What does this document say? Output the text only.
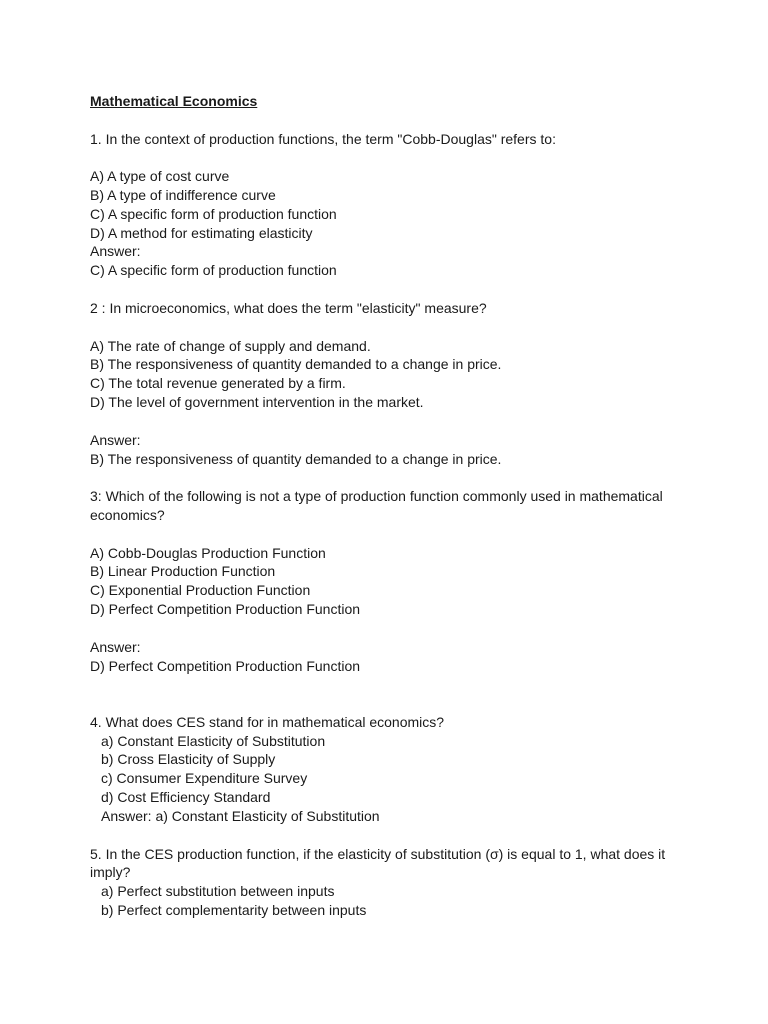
Mathematical Economics
1. In the context of production functions, the term "Cobb-Douglas" refers to:
A) A type of cost curve
B) A type of indifference curve
C) A specific form of production function
D) A method for estimating elasticity
Answer:
C) A specific form of production function
2 : In microeconomics, what does the term "elasticity" measure?
A) The rate of change of supply and demand.
B) The responsiveness of quantity demanded to a change in price.
C) The total revenue generated by a firm.
D) The level of government intervention in the market.
Answer:
B) The responsiveness of quantity demanded to a change in price.
3: Which of the following is not a type of production function commonly used in mathematical
economics?
A) Cobb-Douglas Production Function
B) Linear Production Function
C) Exponential Production Function
D) Perfect Competition Production Function
Answer:
D) Perfect Competition Production Function
4. What does CES stand for in mathematical economics?
a) Constant Elasticity of Substitution
b) Cross Elasticity of Supply
c) Consumer Expenditure Survey
d) Cost Efficiency Standard
Answer: a) Constant Elasticity of Substitution
5. In the CES production function, if the elasticity of substitution (σ) is equal to 1, what does it
imply?
a) Perfect substitution between inputs
b) Perfect complementarity between inputs
